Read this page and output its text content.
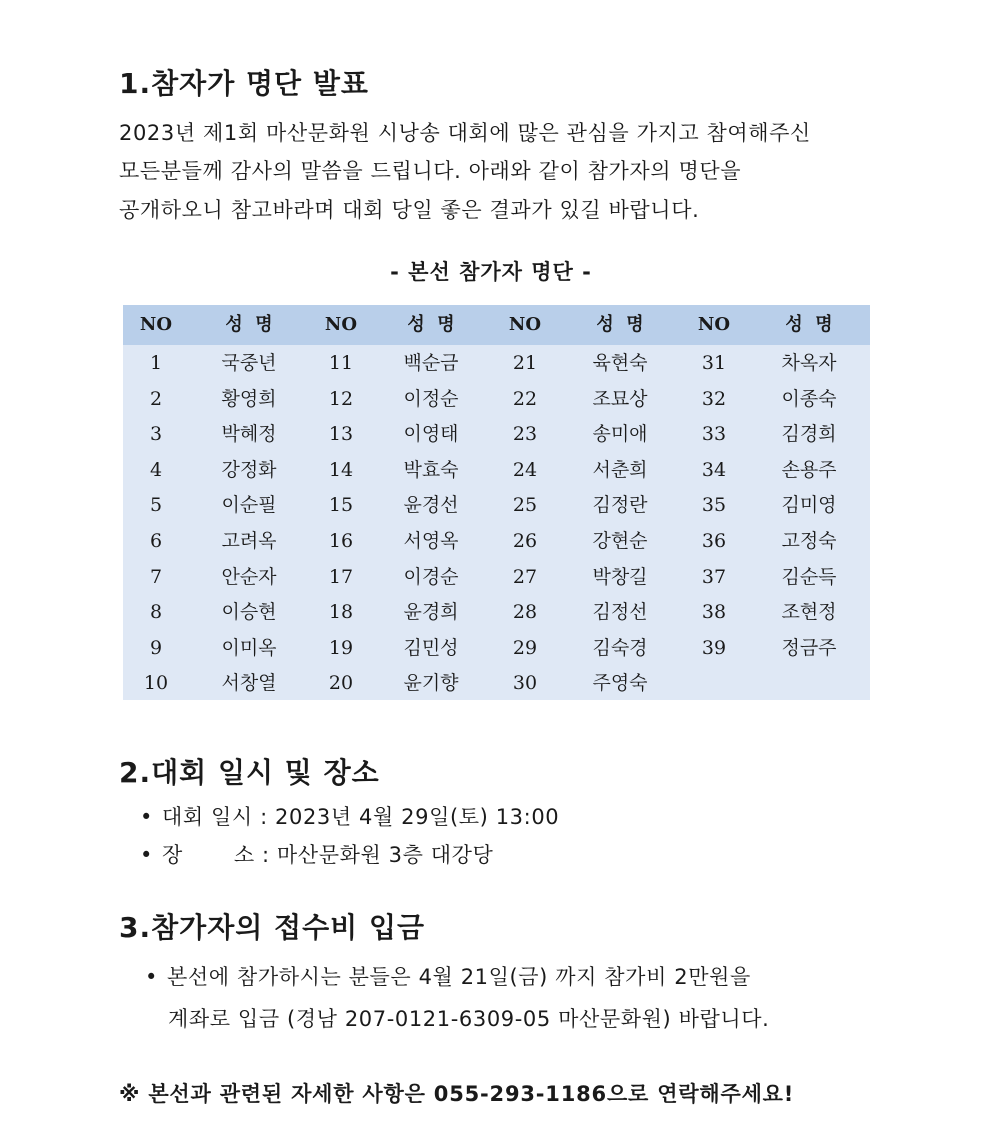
1.참자가 명단 발표

2023년 제1회 마산문화원 시낭송 대회에 많은 관심을 가지고 참여해주신

모든분들께 감사의 말씀을 드립니다. 아래와 같이 참가자의 명단을

공개하오니 참고바라며 대회 당일 좋은 결과가 있길 바랍니다.

- 본선 참가자 명단 -
NO	성  명	NO	성  명	NO	성  명	NO	성  명
1	국중년	11	백순금	21	육현숙	31	차옥자
2	황영희	12	이정순	22	조묘상	32	이종숙
3	박혜정	13	이영태	23	송미애	33	김경희
4	강정화	14	박효숙	24	서춘희	34	손용주
5	이순필	15	윤경선	25	김정란	35	김미영
6	고려옥	16	서영옥	26	강현순	36	고정숙
7	안순자	17	이경순	27	박창길	37	김순득
8	이승현	18	윤경희	28	김정선	38	조현정
9	이미옥	19	김민성	29	김숙경	39	정금주
10	서창열	20	윤기향	30	주영숙
2.대회 일시 및 장소

• 대회 일시 : 2023년 4월 29일(토) 13:00

• 장       소 : 마산문화원 3층 대강당

3.참가자의 접수비 입금

• 본선에 참가하시는 분들은 4월 21일(금) 까지 참가비 2만원을

계좌로 입금 (경남 207-0121-6309-05 마산문화원) 바랍니다.

※ 본선과 관련된 자세한 사항은 055-293-1186으로 연락해주세요!
